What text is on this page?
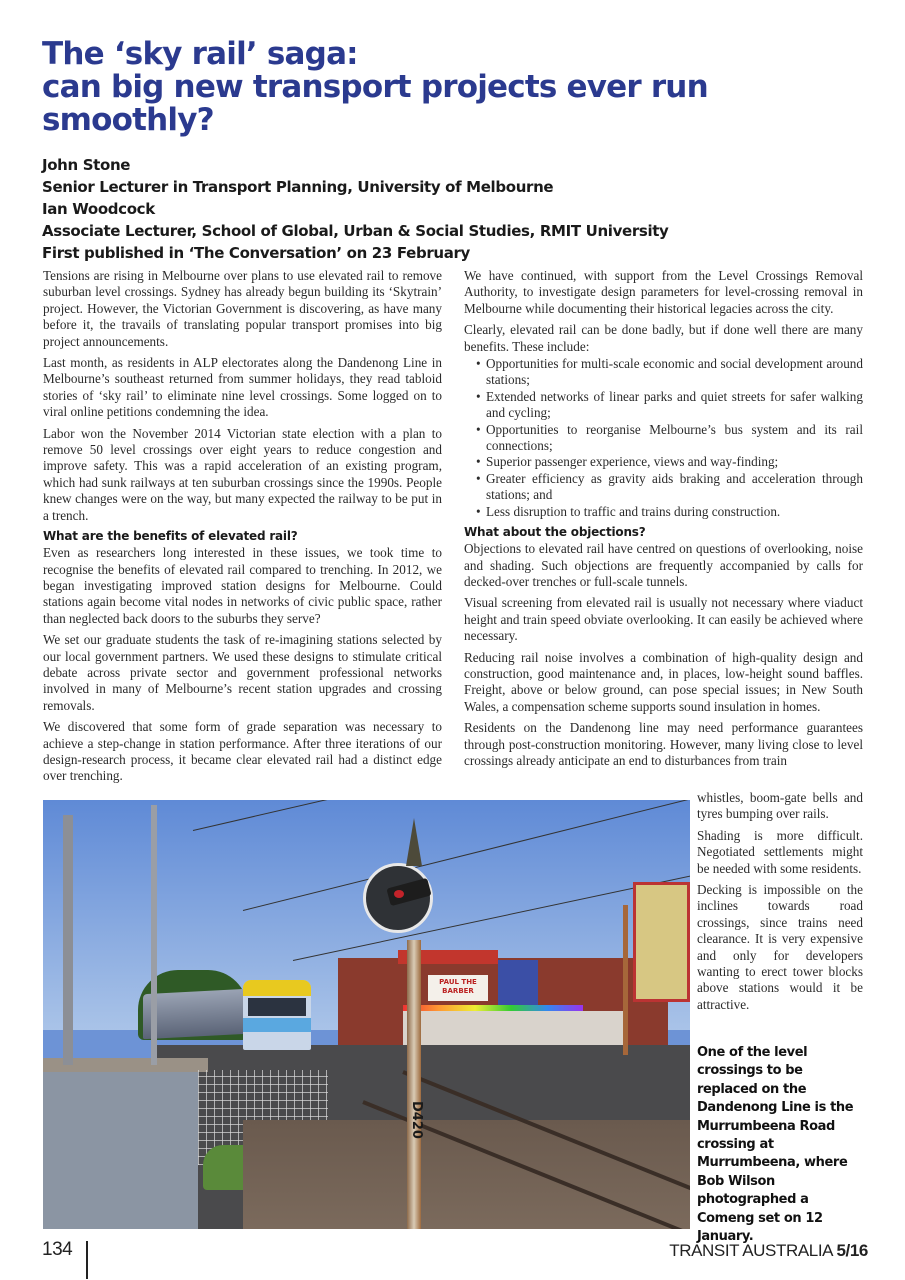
The ‘sky rail’ saga:
can big new transport projects ever run smoothly?
John Stone
Senior Lecturer in Transport Planning, University of Melbourne
Ian Woodcock
Associate Lecturer, School of Global, Urban & Social Studies, RMIT University
First published in ‘The Conversation’ on 23 February

Tensions are rising in Melbourne over plans to use elevated rail to remove suburban level crossings. Sydney has already begun building its ‘Skytrain’ project. However, the Victorian Government is discovering, as have many before it, the travails of translating popular transport promises into big project announcements.

Last month, as residents in ALP electorates along the Dandenong Line in Melbourne’s southeast returned from summer holidays, they read tabloid stories of ‘sky rail’ to eliminate nine level crossings. Some logged on to viral online petitions condemning the idea.

Labor won the November 2014 Victorian state election with a plan to remove 50 level crossings over eight years to reduce congestion and improve safety. This was a rapid acceleration of an existing program, which had sunk railways at ten suburban crossings since the 1990s. People knew changes were on the way, but many expected the railway to be put in a trench.

What are the benefits of elevated rail?

Even as researchers long interested in these issues, we took time to recognise the benefits of elevated rail compared to trenching. In 2012, we began investigating improved station designs for Melbourne. Could stations again become vital nodes in networks of civic public space, rather than neglected back doors to the suburbs they serve?

We set our graduate students the task of re-imagining stations selected by our local government partners. We used these designs to stimulate critical debate across private sector and government professional networks involved in many of Melbourne’s recent station upgrades and crossing removals.

We discovered that some form of grade separation was necessary to achieve a step-change in station performance. After three iterations of our design-research process, it became clear elevated rail had a distinct edge over trenching.

We have continued, with support from the Level Crossings Removal Authority, to investigate design parameters for level-crossing removal in Melbourne while documenting their historical legacies across the city.

Clearly, elevated rail can be done badly, but if done well there are many benefits. These include:

• Opportunities for multi-scale economic and social development around stations;
• Extended networks of linear parks and quiet streets for safer walking and cycling;
• Opportunities to reorganise Melbourne’s bus system and its rail connections;
• Superior passenger experience, views and way-finding;
• Greater efficiency as gravity aids braking and acceleration through stations; and
• Less disruption to traffic and trains during construction.
What about the objections?

Objections to elevated rail have centred on questions of overlooking, noise and shading. Such objections are frequently accompanied by calls for decked-over trenches or full-scale tunnels.

Visual screening from elevated rail is usually not necessary where viaduct height and train speed obviate overlooking. It can easily be achieved where necessary.

Reducing rail noise involves a combination of high-quality design and construction, good maintenance and, in places, low-height sound baffles. Freight, above or below ground, can pose special issues; in New South Wales, a compensation scheme supports sound insulation in homes.

Residents on the Dandenong line may need performance guarantees through post-construction monitoring. However, many living close to level crossings already anticipate an end to disturbances from train

PAUL THE BARBER
D420

whistles, boom-gate bells and tyres bumping over rails.

Shading is more difficult. Negotiated settlements might be needed with some residents.

Decking is impossible on the inclines towards road crossings, since trains need clearance. It is very expensive and only for developers wanting to erect tower blocks above stations would it be attractive.

One of the level crossings to be replaced on the Dandenong Line is the Murrumbeena Road crossing at Murrumbeena, where Bob Wilson photographed a Comeng set on 12 January.
134	TRANSIT AUSTRALIA 5/16
